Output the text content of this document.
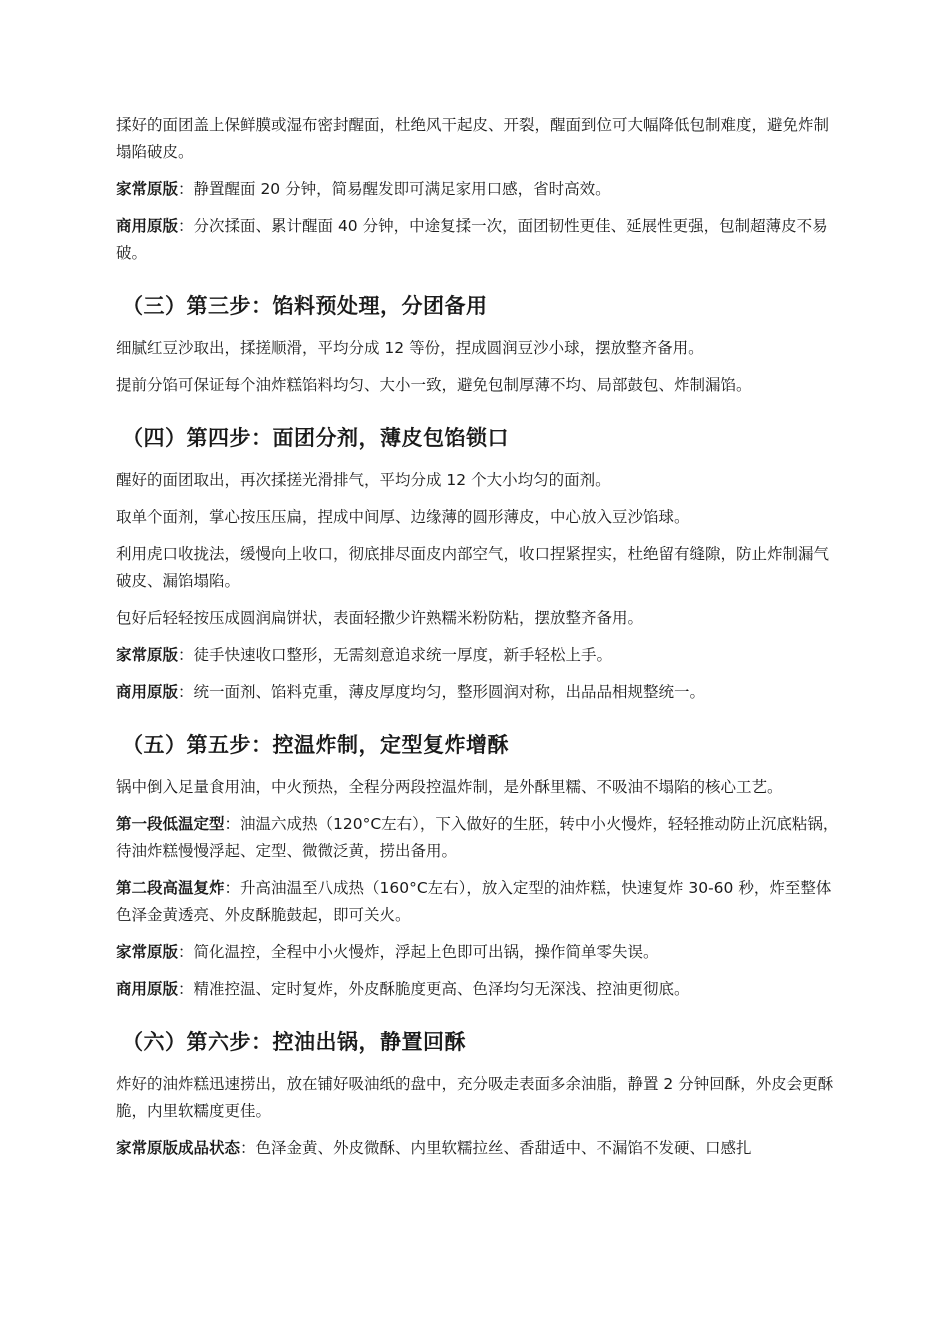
揉好的面团盖上保鲜膜或湿布密封醒面，杜绝风干起皮、开裂，醒面到位可大幅降低包制难度，避免炸制塌陷破皮。

家常原版：静置醒面 20 分钟，简易醒发即可满足家用口感，省时高效。

商用原版：分次揉面、累计醒面 40 分钟，中途复揉一次，面团韧性更佳、延展性更强，包制超薄皮不易破。

（三）第三步：馅料预处理，分团备用

细腻红豆沙取出，揉搓顺滑，平均分成 12 等份，捏成圆润豆沙小球，摆放整齐备用。

提前分馅可保证每个油炸糕馅料均匀、大小一致，避免包制厚薄不均、局部鼓包、炸制漏馅。

（四）第四步：面团分剂，薄皮包馅锁口

醒好的面团取出，再次揉搓光滑排气，平均分成 12 个大小均匀的面剂。

取单个面剂，掌心按压压扁，捏成中间厚、边缘薄的圆形薄皮，中心放入豆沙馅球。

利用虎口收拢法，缓慢向上收口，彻底排尽面皮内部空气，收口捏紧捏实，杜绝留有缝隙，防止炸制漏气破皮、漏馅塌陷。

包好后轻轻按压成圆润扁饼状，表面轻撒少许熟糯米粉防粘，摆放整齐备用。

家常原版：徒手快速收口整形，无需刻意追求统一厚度，新手轻松上手。

商用原版：统一面剂、馅料克重，薄皮厚度均匀，整形圆润对称，出品品相规整统一。

（五）第五步：控温炸制，定型复炸增酥

锅中倒入足量食用油，中火预热，全程分两段控温炸制，是外酥里糯、不吸油不塌陷的核心工艺。

第一段低温定型：油温六成热（120°C左右），下入做好的生胚，转中小火慢炸，轻轻推动防止沉底粘锅，待油炸糕慢慢浮起、定型、微微泛黄，捞出备用。

第二段高温复炸：升高油温至八成热（160°C左右），放入定型的油炸糕，快速复炸 30-60 秒，炸至整体色泽金黄透亮、外皮酥脆鼓起，即可关火。

家常原版：简化温控，全程中小火慢炸，浮起上色即可出锅，操作简单零失误。

商用原版：精准控温、定时复炸，外皮酥脆度更高、色泽均匀无深浅、控油更彻底。

（六）第六步：控油出锅，静置回酥

炸好的油炸糕迅速捞出，放在铺好吸油纸的盘中，充分吸走表面多余油脂，静置 2 分钟回酥，外皮会更酥脆，内里软糯度更佳。

家常原版成品状态：色泽金黄、外皮微酥、内里软糯拉丝、香甜适中、不漏馅不发硬、口感扎
